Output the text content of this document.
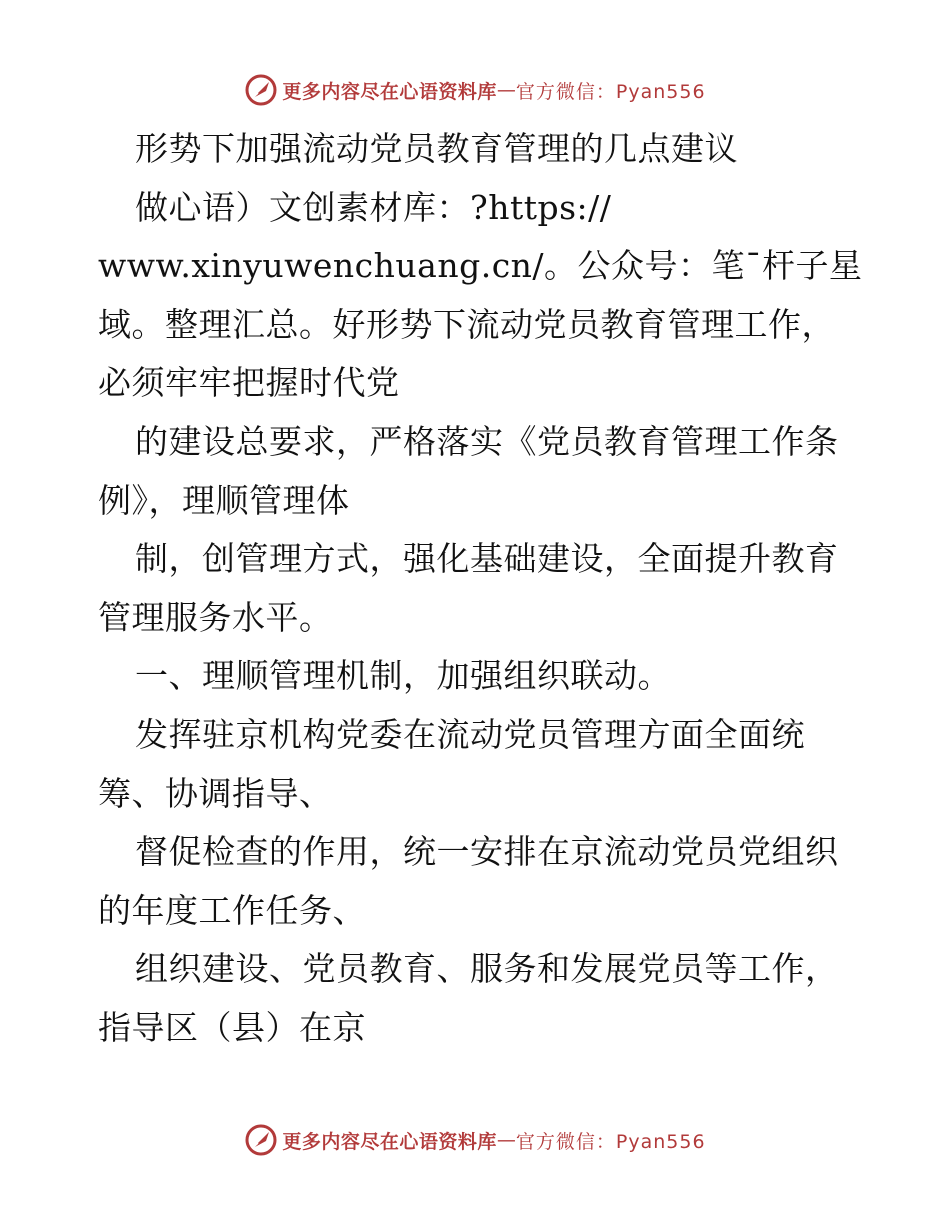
更多内容尽在心语资料库 — 官方微信：Pyan556
形势下加强流动党员教育管理的几点建议
做心语）文创素材库：?https://
www.xinyuwenchuang.cn/。公众号：笔¯杆子星
域。整理汇总。好形势下流动党员教育管理工作，
必须牢牢把握时代党
的建设总要求，严格落实《党员教育管理工作条
例》，理顺管理体
制，创管理方式，强化基础建设，全面提升教育
管理服务水平。
一、理顺管理机制，加强组织联动。
发挥驻京机构党委在流动党员管理方面全面统
筹、协调指导、
督促检查的作用，统一安排在京流动党员党组织
的年度工作任务、
组织建设、党员教育、服务和发展党员等工作，
指导区（县）在京
更多内容尽在心语资料库 — 官方微信：Pyan556
